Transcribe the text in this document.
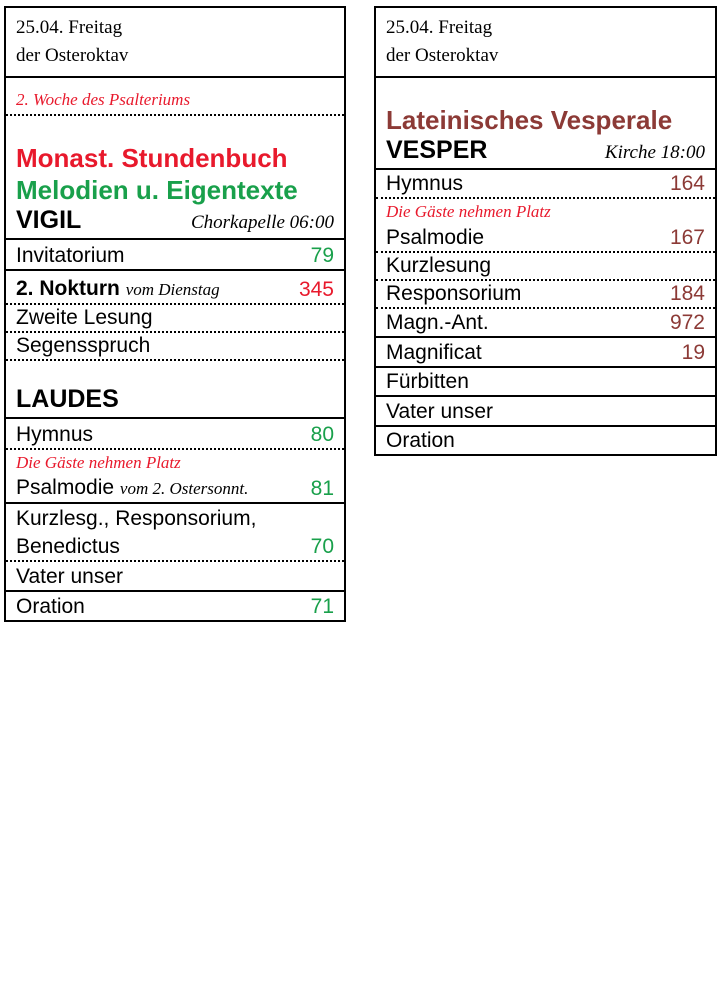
25.04. Freitag
der Osteroktav
2. Woche des Psalteriums
Monast. Stundenbuch
Melodien u. Eigentexte
VIGIL	Chorkapelle 06:00
Invitatorium	79
2. Nokturn vom Dienstag	345
Zweite Lesung
Segensspruch
LAUDES
Hymnus	80
Die Gäste nehmen Platz
Psalmodie vom 2. Ostersonnt.	81
Kurzlesg., Responsorium,
Benedictus	70
Vater unser
Oration	71
25.04. Freitag
der Osteroktav
Lateinisches Vesperale
VESPER	Kirche 18:00
Hymnus	164
Die Gäste nehmen Platz
Psalmodie	167
Kurzlesung
Responsorium	184
Magn.-Ant.	972
Magnificat	19
Fürbitten
Vater unser
Oration
